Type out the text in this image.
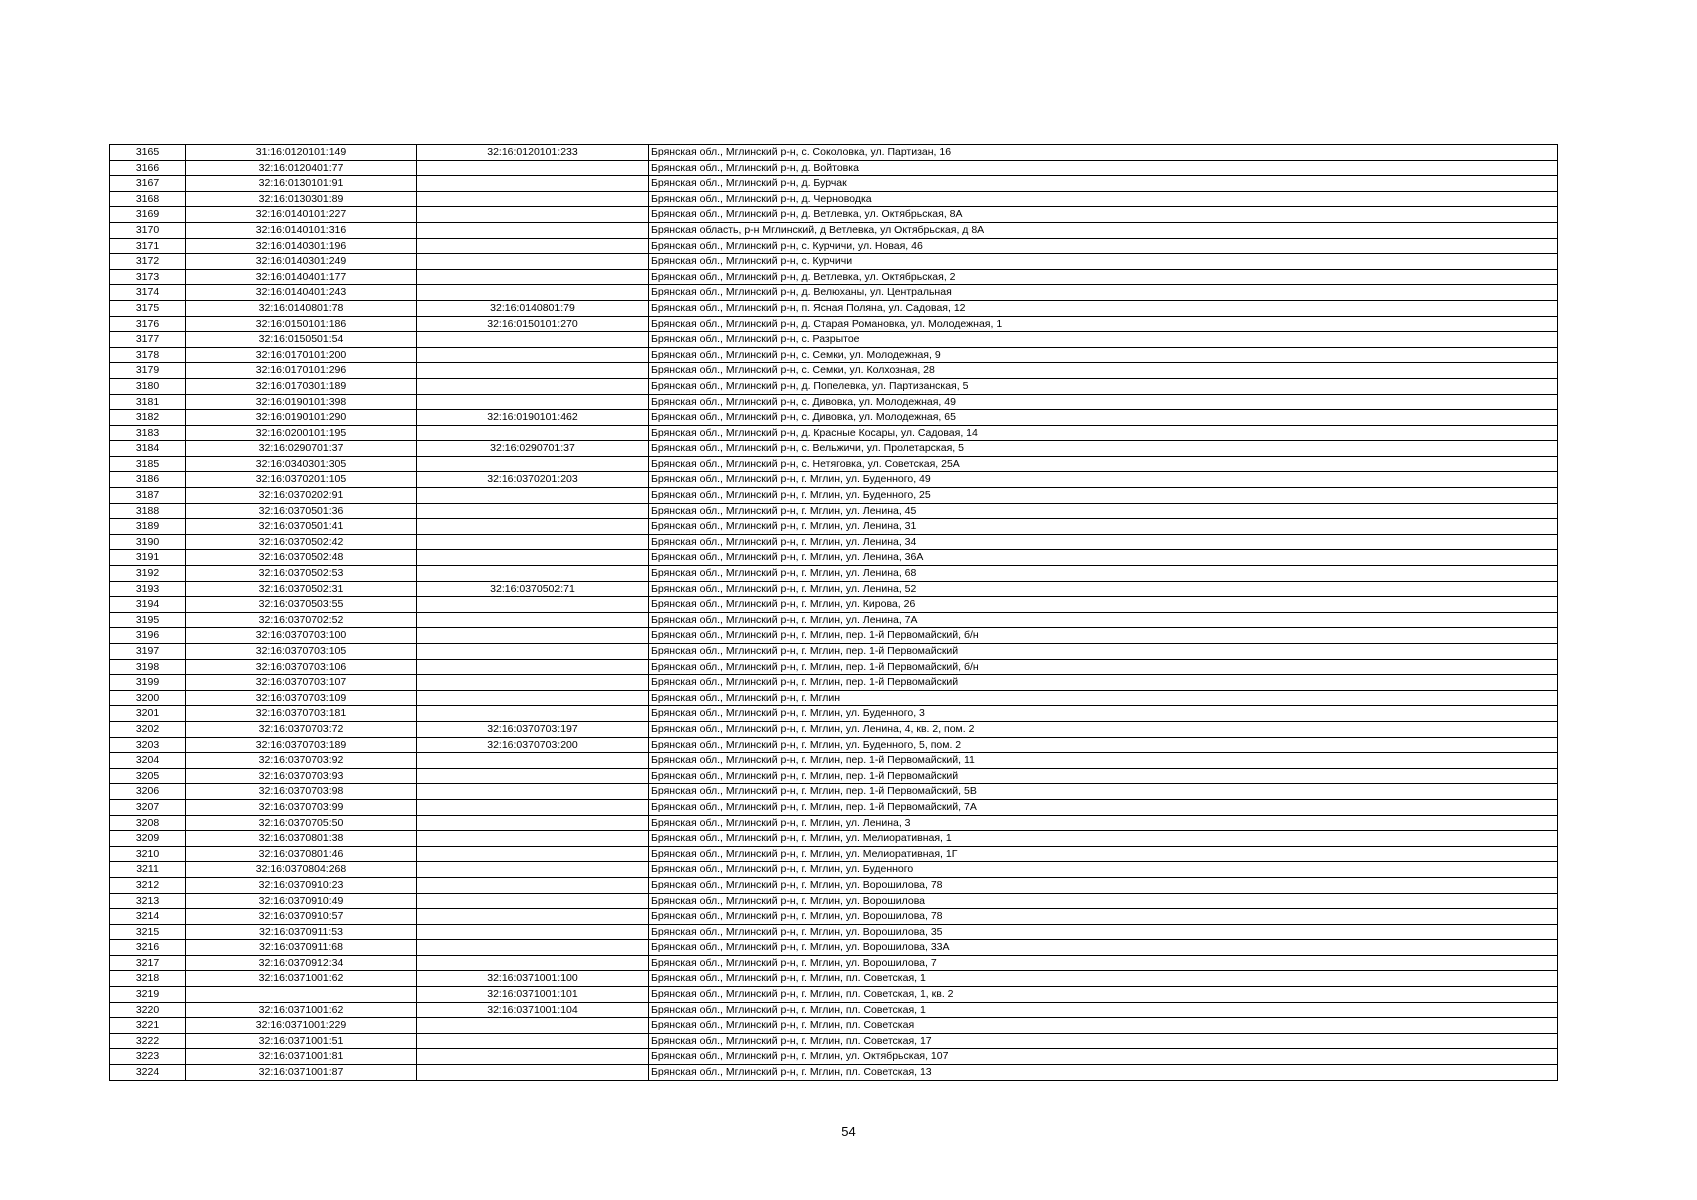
3165	31:16:0120101:149	32:16:0120101:233	Брянская обл., Мглинский р-н, с. Соколовка, ул. Партизан, 16
3166	32:16:0120401:77		Брянская обл., Мглинский р-н, д. Войтовка
3167	32:16:0130101:91		Брянская обл., Мглинский р-н, д. Бурчак
3168	32:16:0130301:89		Брянская обл., Мглинский р-н, д. Черноводка
3169	32:16:0140101:227		Брянская обл., Мглинский р-н, д. Ветлевка, ул. Октябрьская, 8А
3170	32:16:0140101:316		Брянская область, р-н Мглинский, д Ветлевка, ул Октябрьская, д 8А
3171	32:16:0140301:196		Брянская обл., Мглинский р-н, с. Курчичи, ул. Новая, 46
3172	32:16:0140301:249		Брянская обл., Мглинский р-н, с. Курчичи
3173	32:16:0140401:177		Брянская обл., Мглинский р-н, д. Ветлевка, ул. Октябрьская, 2
3174	32:16:0140401:243		Брянская обл., Мглинский р-н, д. Велюханы, ул. Центральная
3175	32:16:0140801:78	32:16:0140801:79	Брянская обл., Мглинский р-н, п. Ясная Поляна, ул. Садовая, 12
3176	32:16:0150101:186	32:16:0150101:270	Брянская обл., Мглинский р-н, д. Старая Романовка, ул. Молодежная, 1
3177	32:16:0150501:54		Брянская обл., Мглинский р-н, с. Разрытое
3178	32:16:0170101:200		Брянская обл., Мглинский р-н, с. Семки, ул. Молодежная, 9
3179	32:16:0170101:296		Брянская обл., Мглинский р-н, с. Семки, ул. Колхозная, 28
3180	32:16:0170301:189		Брянская обл., Мглинский р-н, д. Попелевка, ул. Партизанская, 5
3181	32:16:0190101:398		Брянская обл., Мглинский р-н, с. Дивовка, ул. Молодежная, 49
3182	32:16:0190101:290	32:16:0190101:462	Брянская обл., Мглинский р-н, с. Дивовка, ул. Молодежная, 65
3183	32:16:0200101:195		Брянская обл., Мглинский р-н, д. Красные Косары, ул. Садовая, 14
3184	32:16:0290701:37	32:16:0290701:37	Брянская обл., Мглинский р-н, с. Вельжичи, ул. Пролетарская, 5
3185	32:16:0340301:305		Брянская обл., Мглинский р-н, с. Нетяговка, ул. Советская, 25А
3186	32:16:0370201:105	32:16:0370201:203	Брянская обл., Мглинский р-н, г. Мглин, ул. Буденного, 49
3187	32:16:0370202:91		Брянская обл., Мглинский р-н, г. Мглин, ул. Буденного, 25
3188	32:16:0370501:36		Брянская обл., Мглинский р-н, г. Мглин, ул. Ленина, 45
3189	32:16:0370501:41		Брянская обл., Мглинский р-н, г. Мглин, ул. Ленина, 31
3190	32:16:0370502:42		Брянская обл., Мглинский р-н, г. Мглин, ул. Ленина, 34
3191	32:16:0370502:48		Брянская обл., Мглинский р-н, г. Мглин, ул. Ленина, 36А
3192	32:16:0370502:53		Брянская обл., Мглинский р-н, г. Мглин, ул. Ленина, 68
3193	32:16:0370502:31	32:16:0370502:71	Брянская обл., Мглинский р-н, г. Мглин, ул. Ленина, 52
3194	32:16:0370503:55		Брянская обл., Мглинский р-н, г. Мглин, ул. Кирова, 26
3195	32:16:0370702:52		Брянская обл., Мглинский р-н, г. Мглин, ул. Ленина, 7А
3196	32:16:0370703:100		Брянская обл., Мглинский р-н, г. Мглин, пер. 1-й Первомайский, б/н
3197	32:16:0370703:105		Брянская обл., Мглинский р-н, г. Мглин, пер. 1-й Первомайский
3198	32:16:0370703:106		Брянская обл., Мглинский р-н, г. Мглин, пер. 1-й Первомайский, б/н
3199	32:16:0370703:107		Брянская обл., Мглинский р-н, г. Мглин, пер. 1-й Первомайский
3200	32:16:0370703:109		Брянская обл., Мглинский р-н, г. Мглин
3201	32:16:0370703:181		Брянская обл., Мглинский р-н, г. Мглин, ул. Буденного, 3
3202	32:16:0370703:72	32:16:0370703:197	Брянская обл., Мглинский р-н, г. Мглин, ул. Ленина, 4, кв. 2, пом. 2
3203	32:16:0370703:189	32:16:0370703:200	Брянская обл., Мглинский р-н, г. Мглин, ул. Буденного, 5, пом. 2
3204	32:16:0370703:92		Брянская обл., Мглинский р-н, г. Мглин, пер. 1-й Первомайский, 11
3205	32:16:0370703:93		Брянская обл., Мглинский р-н, г. Мглин, пер. 1-й Первомайский
3206	32:16:0370703:98		Брянская обл., Мглинский р-н, г. Мглин, пер. 1-й Первомайский, 5В
3207	32:16:0370703:99		Брянская обл., Мглинский р-н, г. Мглин, пер. 1-й Первомайский, 7А
3208	32:16:0370705:50		Брянская обл., Мглинский р-н, г. Мглин, ул. Ленина, 3
3209	32:16:0370801:38		Брянская обл., Мглинский р-н, г. Мглин, ул. Мелиоративная, 1
3210	32:16:0370801:46		Брянская обл., Мглинский р-н, г. Мглин, ул. Мелиоративная, 1Г
3211	32:16:0370804:268		Брянская обл., Мглинский р-н, г. Мглин, ул. Буденного
3212	32:16:0370910:23		Брянская обл., Мглинский р-н, г. Мглин, ул. Ворошилова, 78
3213	32:16:0370910:49		Брянская обл., Мглинский р-н, г. Мглин, ул. Ворошилова
3214	32:16:0370910:57		Брянская обл., Мглинский р-н, г. Мглин, ул. Ворошилова, 78
3215	32:16:0370911:53		Брянская обл., Мглинский р-н, г. Мглин, ул. Ворошилова, 35
3216	32:16:0370911:68		Брянская обл., Мглинский р-н, г. Мглин, ул. Ворошилова, 33А
3217	32:16:0370912:34		Брянская обл., Мглинский р-н, г. Мглин, ул. Ворошилова, 7
3218	32:16:0371001:62	32:16:0371001:100	Брянская обл., Мглинский р-н, г. Мглин, пл. Советская, 1
3219		32:16:0371001:101	Брянская обл., Мглинский р-н, г. Мглин, пл. Советская, 1, кв. 2
3220	32:16:0371001:62	32:16:0371001:104	Брянская обл., Мглинский р-н, г. Мглин, пл. Советская, 1
3221	32:16:0371001:229		Брянская обл., Мглинский р-н, г. Мглин, пл. Советская
3222	32:16:0371001:51		Брянская обл., Мглинский р-н, г. Мглин, пл. Советская, 17
3223	32:16:0371001:81		Брянская обл., Мглинский р-н, г. Мглин, ул. Октябрьская, 107
3224	32:16:0371001:87		Брянская обл., Мглинский р-н, г. Мглин, пл. Советская, 13
54
